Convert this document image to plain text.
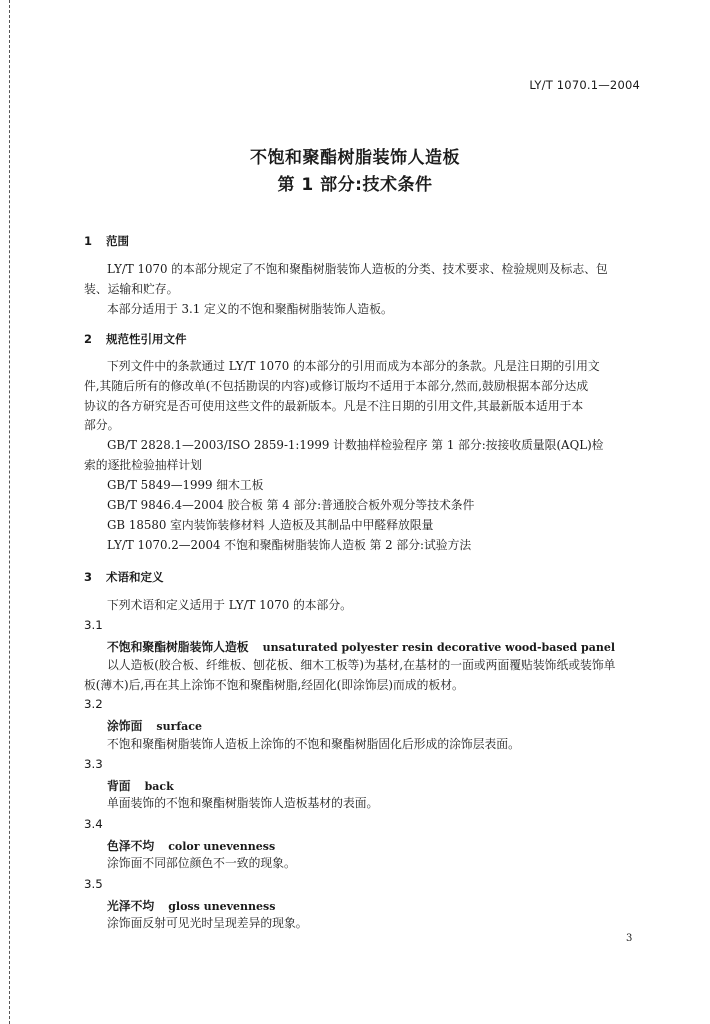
LY/T 1070.1—2004
不饱和聚酯树脂装饰人造板
第 1 部分:技术条件
1 范围
LY/T 1070 的本部分规定了不饱和聚酯树脂装饰人造板的分类、技术要求、检验规则及标志、包
装、运输和贮存。
本部分适用于 3.1 定义的不饱和聚酯树脂装饰人造板。
2 规范性引用文件
下列文件中的条款通过 LY/T 1070 的本部分的引用而成为本部分的条款。凡是注日期的引用文
件,其随后所有的修改单(不包括勘误的内容)或修订版均不适用于本部分,然而,鼓励根据本部分达成
协议的各方研究是否可使用这些文件的最新版本。凡是不注日期的引用文件,其最新版本适用于本
部分。
GB/T 2828.1—2003/ISO 2859-1:1999 计数抽样检验程序 第 1 部分:按接收质量限(AQL)检
索的逐批检验抽样计划
GB/T 5849—1999 细木工板
GB/T 9846.4—2004 胶合板 第 4 部分:普通胶合板外观分等技术条件
GB 18580 室内装饰装修材料 人造板及其制品中甲醛释放限量
LY/T 1070.2—2004 不饱和聚酯树脂装饰人造板 第 2 部分:试验方法
3 术语和定义
下列术语和定义适用于 LY/T 1070 的本部分。
3.1
不饱和聚酯树脂装饰人造板 unsaturated polyester resin decorative wood-based panel
以人造板(胶合板、纤维板、刨花板、细木工板等)为基材,在基材的一面或两面覆贴装饰纸或装饰单
板(薄木)后,再在其上涂饰不饱和聚酯树脂,经固化(即涂饰层)而成的板材。
3.2
涂饰面 surface
不饱和聚酯树脂装饰人造板上涂饰的不饱和聚酯树脂固化后形成的涂饰层表面。
3.3
背面 back
单面装饰的不饱和聚酯树脂装饰人造板基材的表面。
3.4
色泽不均 color unevenness
涂饰面不同部位颜色不一致的现象。
3.5
光泽不均 gloss unevenness
涂饰面反射可见光时呈现差异的现象。
3
